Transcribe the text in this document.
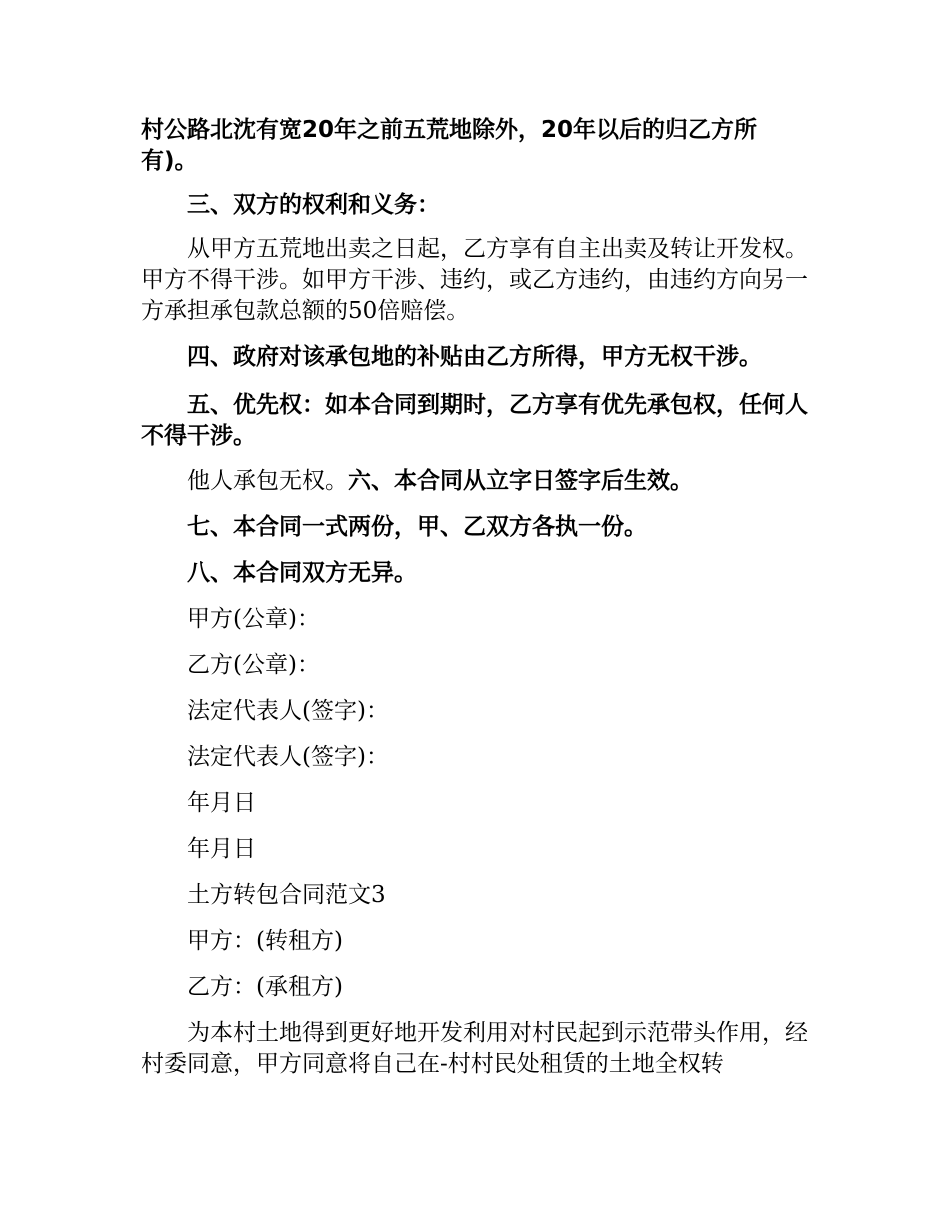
村公路北沈有宽20年之前五荒地除外，20年以后的归乙方所有)。

三、双方的权利和义务：

从甲方五荒地出卖之日起，乙方享有自主出卖及转让开发权。甲方不得干涉。如甲方干涉、违约，或乙方违约，由违约方向另一方承担承包款总额的50倍赔偿。

四、政府对该承包地的补贴由乙方所得，甲方无权干涉。

五、优先权：如本合同到期时，乙方享有优先承包权，任何人不得干涉。

他人承包无权。六、本合同从立字日签字后生效。

七、本合同一式两份，甲、乙双方各执一份。

八、本合同双方无异。

甲方(公章)：

乙方(公章)：

法定代表人(签字)：

法定代表人(签字)：

年月日

年月日

土方转包合同范文3

甲方：(转租方)

乙方：(承租方)

为本村土地得到更好地开发利用对村民起到示范带头作用，经村委同意，甲方同意将自己在-村村民处租赁的土地全权转
